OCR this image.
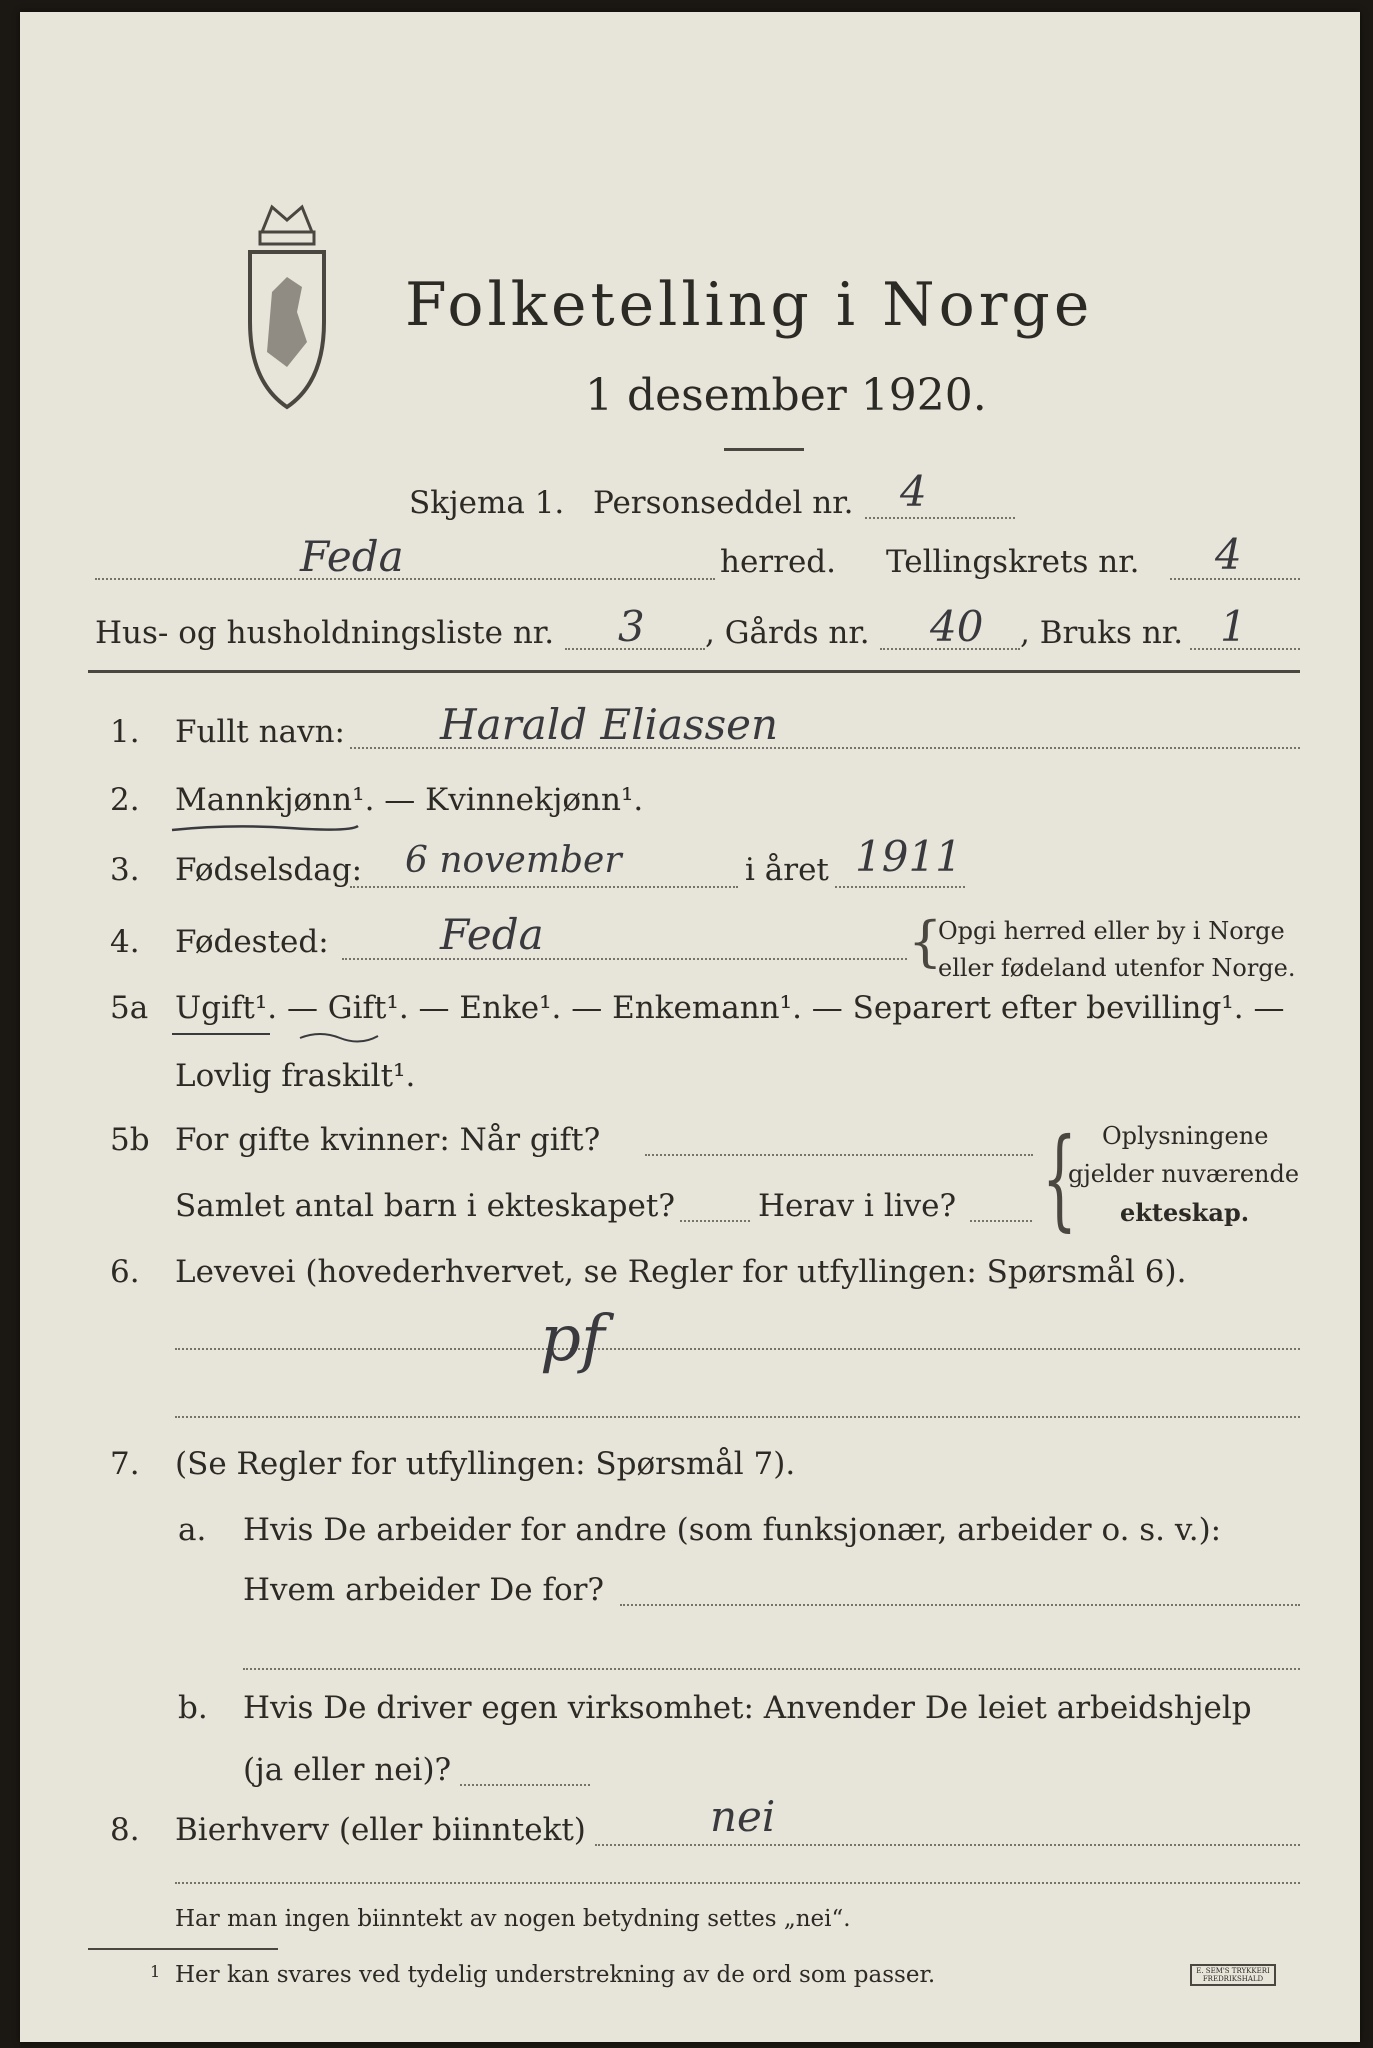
Folketelling i Norge
1 desember 1920.
Skjema 1. Personseddel nr. 4
Feda	herred. Tellingskrets nr. 4
Hus- og husholdningsliste nr. 3 , Gårds nr. 40 , Bruks nr. 1
1. Fullt navn: Harald Eliassen
2. Mannkjønn¹. — Kvinnekjønn¹.
3. Fødselsdag: 6 november	i året 1911
4. Fødested:	Feda	{
Opgi herred eller by i Norge
eller fødeland utenfor Norge.
5a Ugift¹. — Gift¹. — Enke¹. — Enkemann¹. — Separert efter bevilling¹. —
Lovlig fraskilt¹.
5b For gifte kvinner: Når gift?
Samlet antal barn i ekteskapet?	Herav i live? { Oplysningene
gjelder nuværende
ekteskap.
6. Levevei (hovederhvervet, se Regler for utfyllingen: Spørsmål 6).
pf
7. (Se Regler for utfyllingen: Spørsmål 7).
a. Hvis De arbeider for andre (som funksjonær, arbeider o. s. v.):
Hvem arbeider De for?
b. Hvis De driver egen virksomhet: Anvender De leiet arbeidshjelp
(ja eller nei)?
8. Bierhverv (eller biinntekt)	nei
Har man ingen biinntekt av nogen betydning settes „nei“.
1 Her kan svares ved tydelig understrekning av de ord som passer.	E. SEM'S TRYKKERI FREDRIKSHALD
